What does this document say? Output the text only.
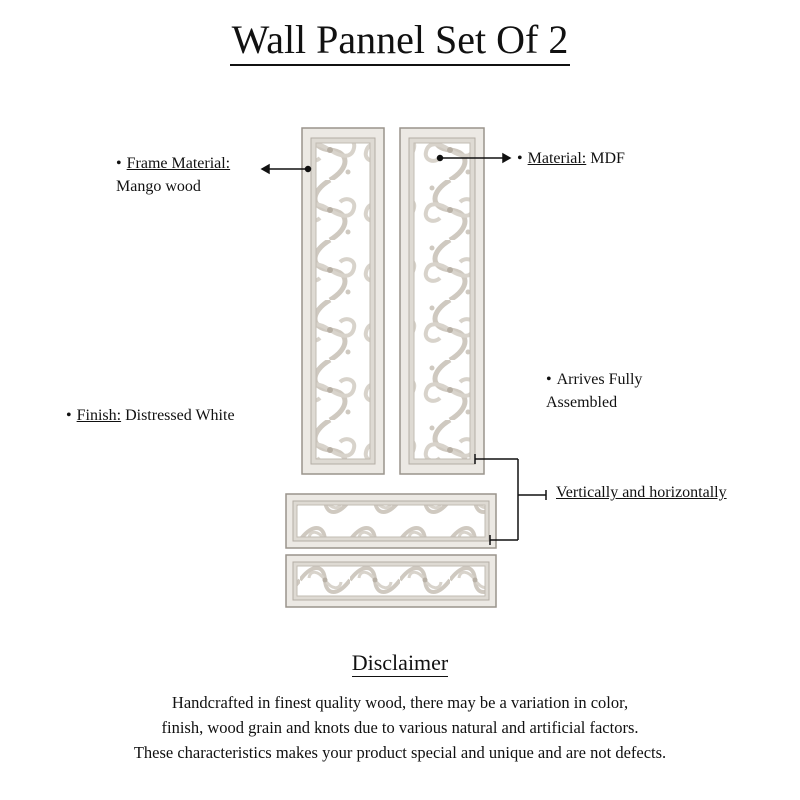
Wall Pannel Set Of 2
• Frame Material:
Mango wood
• Material: MDF
• Finish: Distressed White
• Arrives Fully
Assembled
Vertically and horizontally
Disclaimer
Handcrafted in finest quality wood, there may be a variation in color,
finish, wood grain and knots due to various natural and artificial factors.
These characteristics makes your product special and unique and are not defects.
